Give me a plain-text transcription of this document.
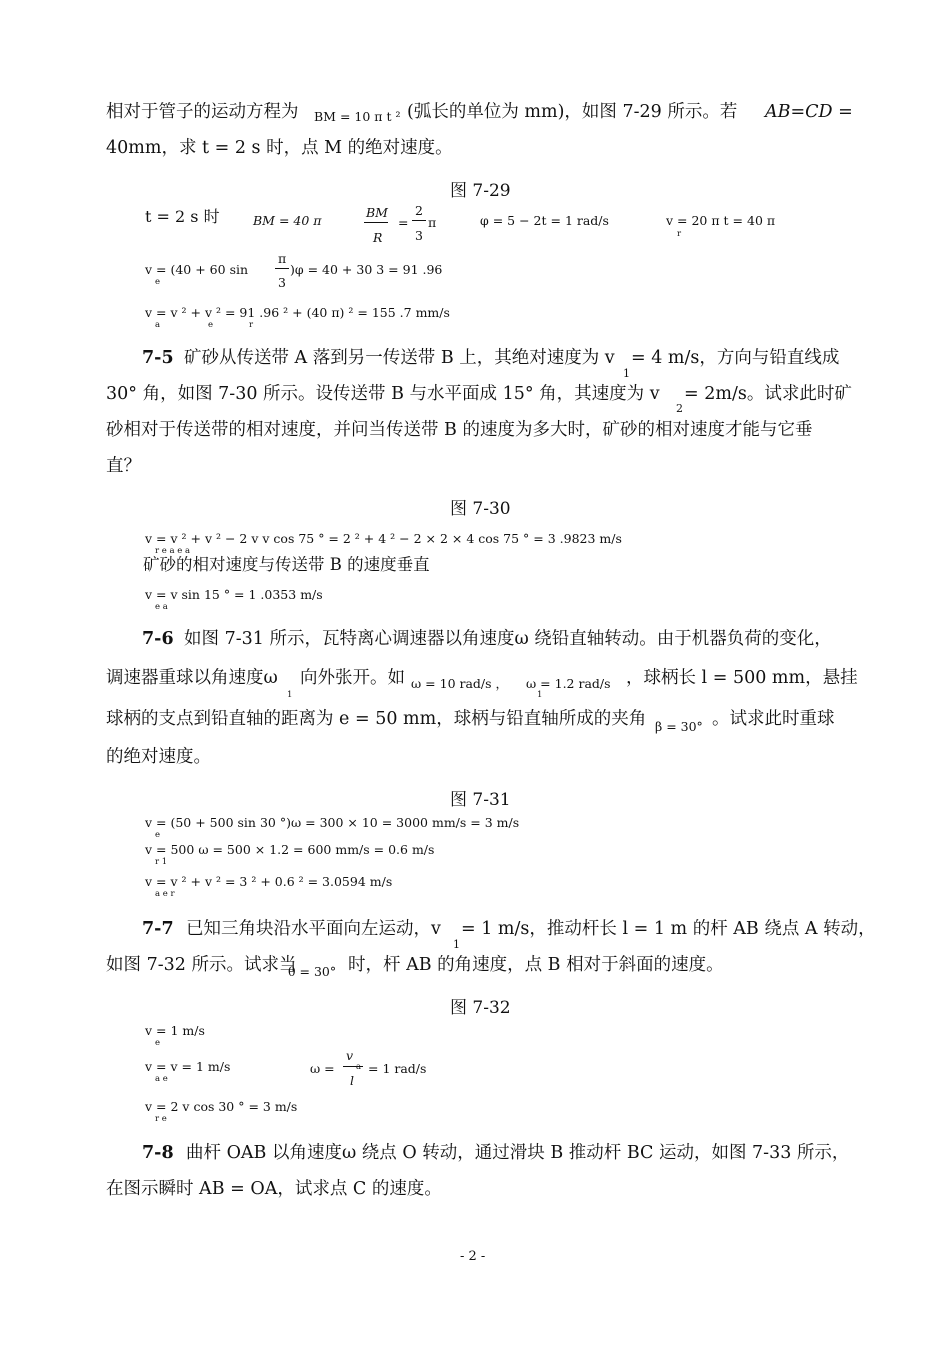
相对于管子的运动方程为 BM = 10 π t ² (弧长的单位为 mm)，如图 7-29 所示。若 AB=CD =
40mm，求 t = 2 s 时，点 M 的绝对速度。
图 7-29
t = 2 s 时	BM = 40 π
BM
R
=
2
3
π	φ = 5 − 2t = 1 rad/s	v = 20 π t = 40 π
r
v = (40 + 60 sin
e
π
3
)φ = 40 + 30 3 = 91 .96
v = v ² + v ² = 91 .96 ² + (40 π) ² = 155 .7 mm/s
a	e	r
7-5 矿砂从传送带 A 落到另一传送带 B 上，其绝对速度为 v
1
= 4 m/s，方向与铅直线成
30° 角，如图 7-30 所示。设传送带 B 与水平面成 15° 角，其速度为 v
2
= 2m/s。试求此时矿
砂相对于传送带的相对速度，并问当传送带 B 的速度为多大时，矿砂的相对速度才能与它垂
直？
图 7-30
v = v ² + v ² − 2 v v cos 75 ° = 2 ² + 4 ² − 2 × 2 × 4 cos 75 ° = 3 .9823 m/s
r e a e a
矿砂的相对速度与传送带 B 的速度垂直
v = v sin 15 ° = 1 .0353 m/s
e a
7-6 如图 7-31 所示，瓦特离心调速器以角速度ω 绕铅直轴转动。由于机器负荷的变化，
调速器重球以角速度ω
1
向外张开。如 ω = 10 rad/s ， ω = 1.2 rad/s
1
，球柄长 l = 500 mm，悬挂
球柄的支点到铅直轴的距离为 e = 50 mm，球柄与铅直轴所成的夹角 β = 30° 。试求此时重球
的绝对速度。
图 7-31
v = (50 + 500 sin 30 °)ω = 300 × 10 = 3000 mm/s = 3 m/s
e
v = 500 ω = 500 × 1.2 = 600 mm/s = 0.6 m/s
r 1
v = v ² + v ² = 3 ² + 0.6 ² = 3.0594 m/s
a e r
7-7 已知三角块沿水平面向左运动，v
1
= 1 m/s，推动杆长 l = 1 m 的杆 AB 绕点 A 转动，
如图 7-32 所示。试求当
θ = 30° 时，杆 AB 的角速度，点 B 相对于斜面的速度。
图 7-32
v = 1 m/s
e
v = v = 1 m/s
a e
ω =
v
a
l
= 1 rad/s
v = 2 v cos 30 ° = 3 m/s
r e
7-8 曲杆 OAB 以角速度ω 绕点 O 转动，通过滑块 B 推动杆 BC 运动，如图 7-33 所示，
在图示瞬时 AB = OA，试求点 C 的速度。
- 2 -
